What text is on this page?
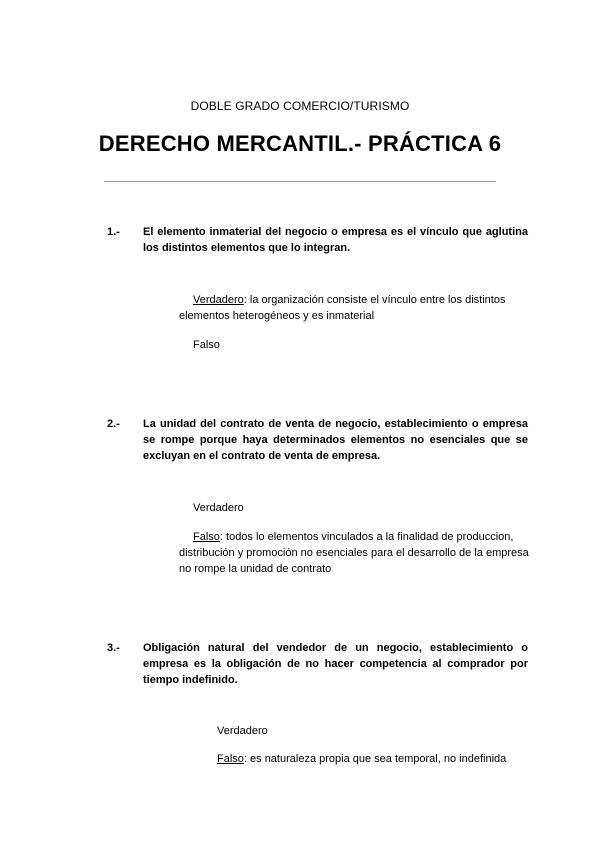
DOBLE GRADO COMERCIO/TURISMO
DERECHO MERCANTIL.- PRÁCTICA 6
1.- El elemento inmaterial del negocio o empresa es el vínculo que aglutina los distintos elementos que lo integran.
Verdadero: la organización consiste el vínculo entre los distintos elementos heterogéneos y es inmaterial
Falso
2.- La unidad del contrato de venta de negocio, establecimiento o empresa se rompe porque haya determinados elementos no esenciales que se excluyan en el contrato de venta de empresa.
Verdadero
Falso: todos lo elementos vinculados a la finalidad de produccion, distribución y promoción no esenciales para el desarrollo de la empresa no rompe la unidad de contrato
3.- Obligación natural del vendedor de un negocio, establecimiento o empresa es la obligación de no hacer competencia al comprador por tiempo indefinido.
Verdadero
Falso: es naturaleza propia que sea temporal, no indefinida
